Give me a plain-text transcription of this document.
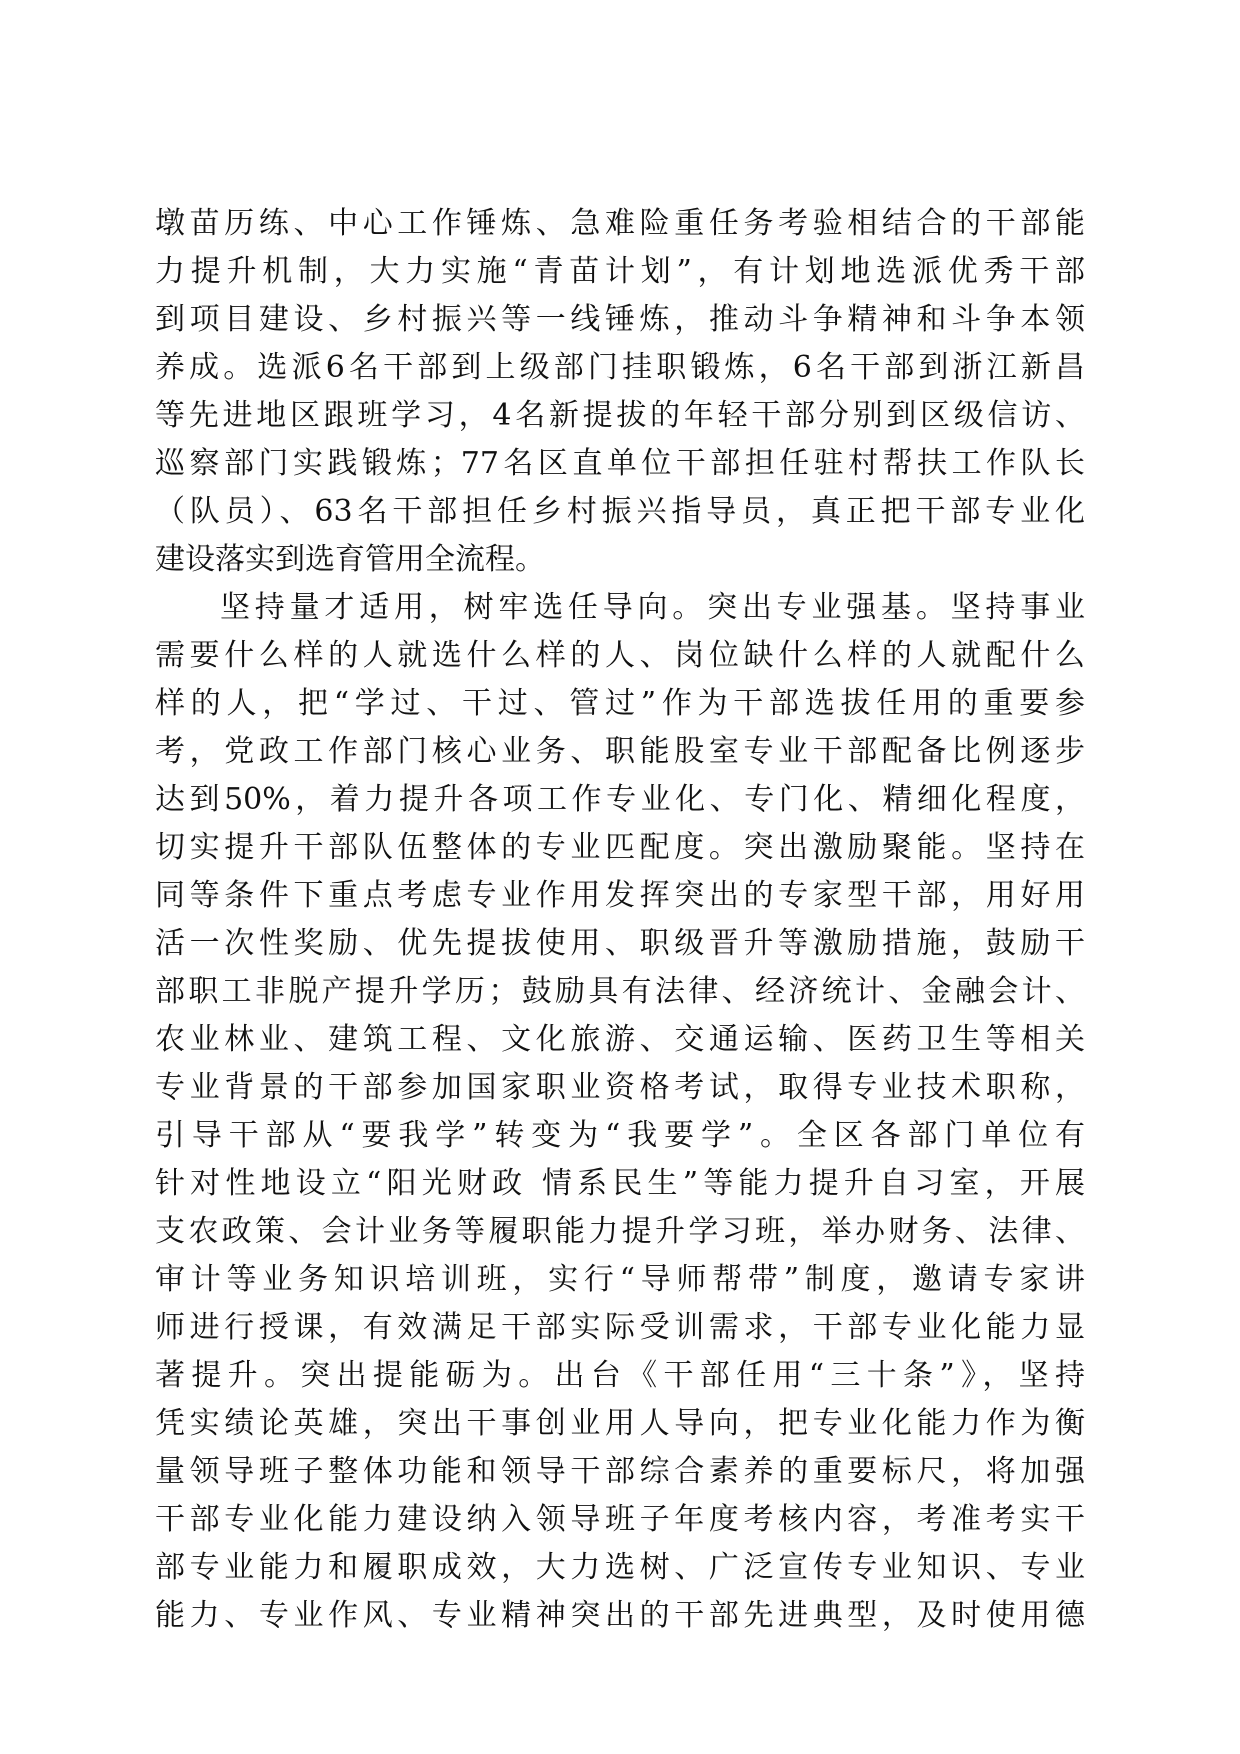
墩苗历练、中心工作锤炼、急难险重任务考验相结合的干部能
力提升机制，大力实施“青苗计划”，有计划地选派优秀干部
到项目建设、乡村振兴等一线锤炼，推动斗争精神和斗争本领
养成。选派6名干部到上级部门挂职锻炼，6名干部到浙江新昌
等先进地区跟班学习，4名新提拔的年轻干部分别到区级信访、
巡察部门实践锻炼；77名区直单位干部担任驻村帮扶工作队长
（队员）、63名干部担任乡村振兴指导员，真正把干部专业化
建设落实到选育管用全流程。
坚持量才适用，树牢选任导向。突出专业强基。坚持事业
需要什么样的人就选什么样的人、岗位缺什么样的人就配什么
样的人，把“学过、干过、管过”作为干部选拔任用的重要参
考，党政工作部门核心业务、职能股室专业干部配备比例逐步
达到50%，着力提升各项工作专业化、专门化、精细化程度，
切实提升干部队伍整体的专业匹配度。突出激励聚能。坚持在
同等条件下重点考虑专业作用发挥突出的专家型干部，用好用
活一次性奖励、优先提拔使用、职级晋升等激励措施，鼓励干
部职工非脱产提升学历；鼓励具有法律、经济统计、金融会计、
农业林业、建筑工程、文化旅游、交通运输、医药卫生等相关
专业背景的干部参加国家职业资格考试，取得专业技术职称，
引导干部从“要我学”转变为“我要学”。全区各部门单位有
针对性地设立“阳光财政 情系民生”等能力提升自习室，开展
支农政策、会计业务等履职能力提升学习班，举办财务、法律、
审计等业务知识培训班，实行“导师帮带”制度，邀请专家讲
师进行授课，有效满足干部实际受训需求，干部专业化能力显
著提升。突出提能砺为。出台《干部任用“三十条”》，坚持
凭实绩论英雄，突出干事创业用人导向，把专业化能力作为衡
量领导班子整体功能和领导干部综合素养的重要标尺，将加强
干部专业化能力建设纳入领导班子年度考核内容，考准考实干
部专业能力和履职成效，大力选树、广泛宣传专业知识、专业
能力、专业作风、专业精神突出的干部先进典型，及时使用德
